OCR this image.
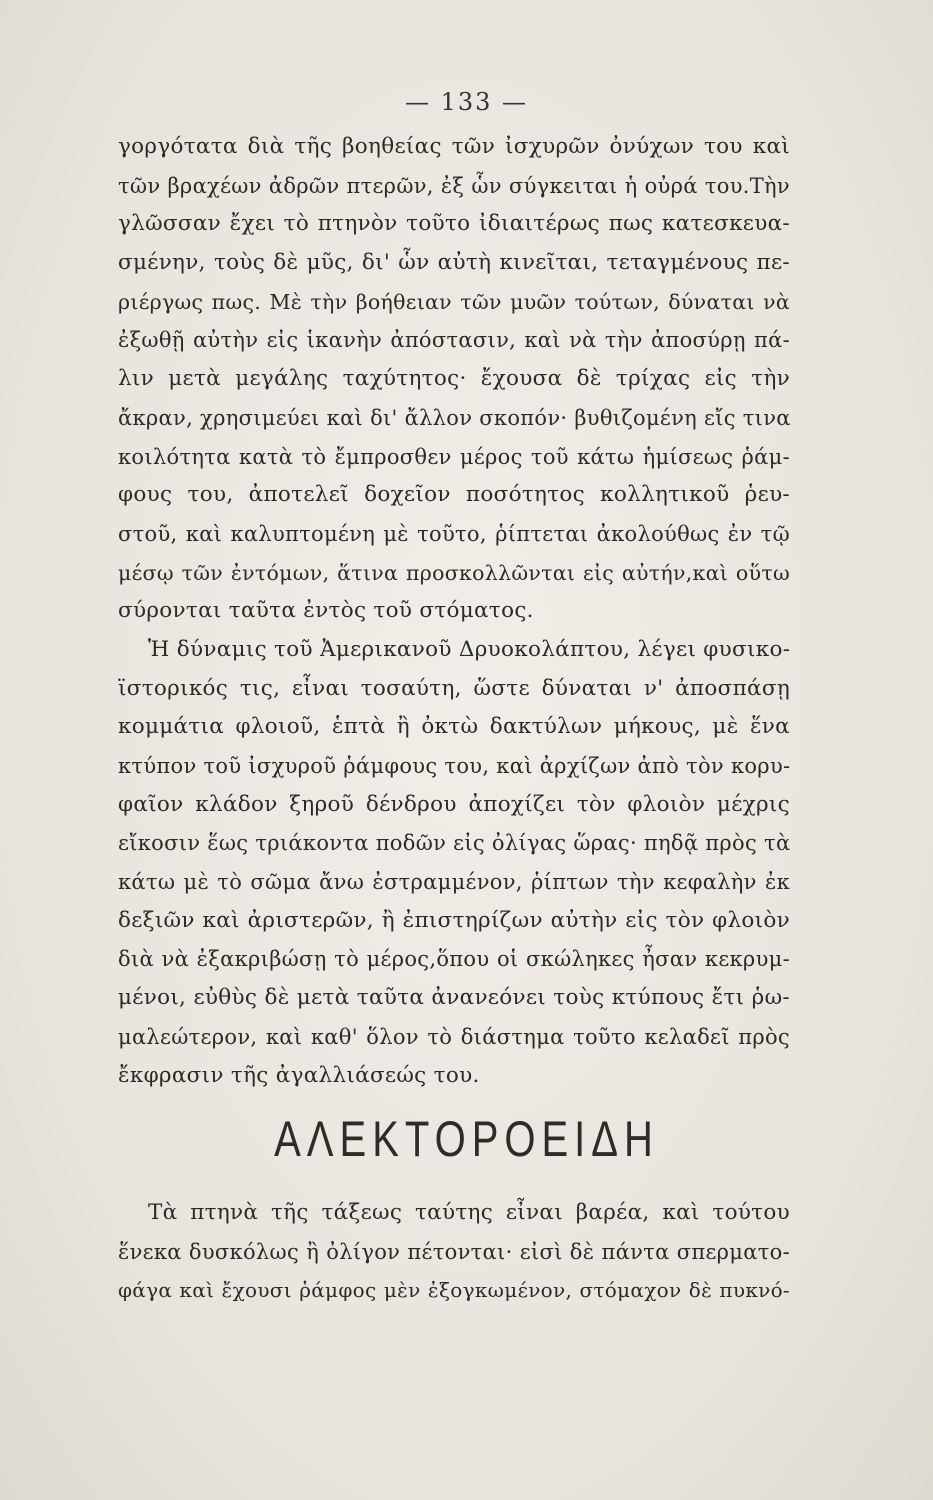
— 133 —
γοργότατα διὰ τῆς βοηθείας τῶν ἰσχυρῶν ὀνύχων του καὶ
τῶν βραχέων ἀδρῶν πτερῶν, ἐξ ὧν σύγκειται ἡ οὐρά του.Τὴν
γλῶσσαν ἔχει τὸ πτηνὸν τοῦτο ἰδιαιτέρως πως κατεσκευα-
σμένην, τοὺς δὲ μῦς, δι' ὧν αὐτὴ κινεῖται, τεταγμένους πε-
ριέργως πως. Μὲ τὴν βοήθειαν τῶν μυῶν τούτων, δύναται νὰ
ἐξωθῇ αὐτὴν εἰς ἱκανὴν ἀπόστασιν, καὶ νὰ τὴν ἀποσύρῃ πά-
λιν μετὰ μεγάλης ταχύτητος· ἔχουσα δὲ τρίχας εἰς τὴν
ἄκραν, χρησιμεύει καὶ δι' ἄλλον σκοπόν· βυθιζομένη εἴς τινα
κοιλότητα κατὰ τὸ ἔμπροσθεν μέρος τοῦ κάτω ἡμίσεως ῥάμ-
φους του, ἀποτελεῖ δοχεῖον ποσότητος κολλητικοῦ ῥευ-
στοῦ, καὶ καλυπτομένη μὲ τοῦτο, ῥίπτεται ἀκολούθως ἐν τῷ
μέσῳ τῶν ἐντόμων, ἅτινα προσκολλῶνται εἰς αὐτήν,καὶ οὕτω
σύρονται ταῦτα ἐντὸς τοῦ στόματος.
Ἡ δύναμις τοῦ Ἀμερικανοῦ Δρυοκολάπτου, λέγει φυσικο-
ϊστορικός τις, εἶναι τοσαύτη, ὥστε δύναται ν' ἀποσπάσῃ
κομμάτια φλοιοῦ, ἑπτὰ ἢ ὀκτὼ δακτύλων μήκους, μὲ ἕνα
κτύπον τοῦ ἰσχυροῦ ῥάμφους του, καὶ ἀρχίζων ἀπὸ τὸν κορυ-
φαῖον κλάδον ξηροῦ δένδρου ἀποχίζει τὸν φλοιὸν μέχρις
εἴκοσιν ἕως τριάκοντα ποδῶν εἰς ὀλίγας ὥρας· πηδᾷ πρὸς τὰ
κάτω μὲ τὸ σῶμα ἄνω ἐστραμμένον, ῥίπτων τὴν κεφαλὴν ἐκ
δεξιῶν καὶ ἀριστερῶν, ἢ ἐπιστηρίζων αὐτὴν εἰς τὸν φλοιὸν
διὰ νὰ ἐξακριβώσῃ τὸ μέρος,ὅπου οἱ σκώληκες ἦσαν κεκρυμ-
μένοι, εὐθὺς δὲ μετὰ ταῦτα ἀνανεόνει τοὺς κτύπους ἔτι ῥω-
μαλεώτερον, καὶ καθ' ὅλον τὸ διάστημα τοῦτο κελαδεῖ πρὸς
ἔκφρασιν τῆς ἀγαλλιάσεώς του.
ΑΛΕΚΤΟΡΟΕΙΔΗ
Τὰ πτηνὰ τῆς τάξεως ταύτης εἶναι βαρέα, καὶ τούτου
ἕνεκα δυσκόλως ἢ ὀλίγον πέτονται· εἰσὶ δὲ πάντα σπερματο-
φάγα καὶ ἔχουσι ῥάμφος μὲν ἐξογκωμένον, στόμαχον δὲ πυκνό-
